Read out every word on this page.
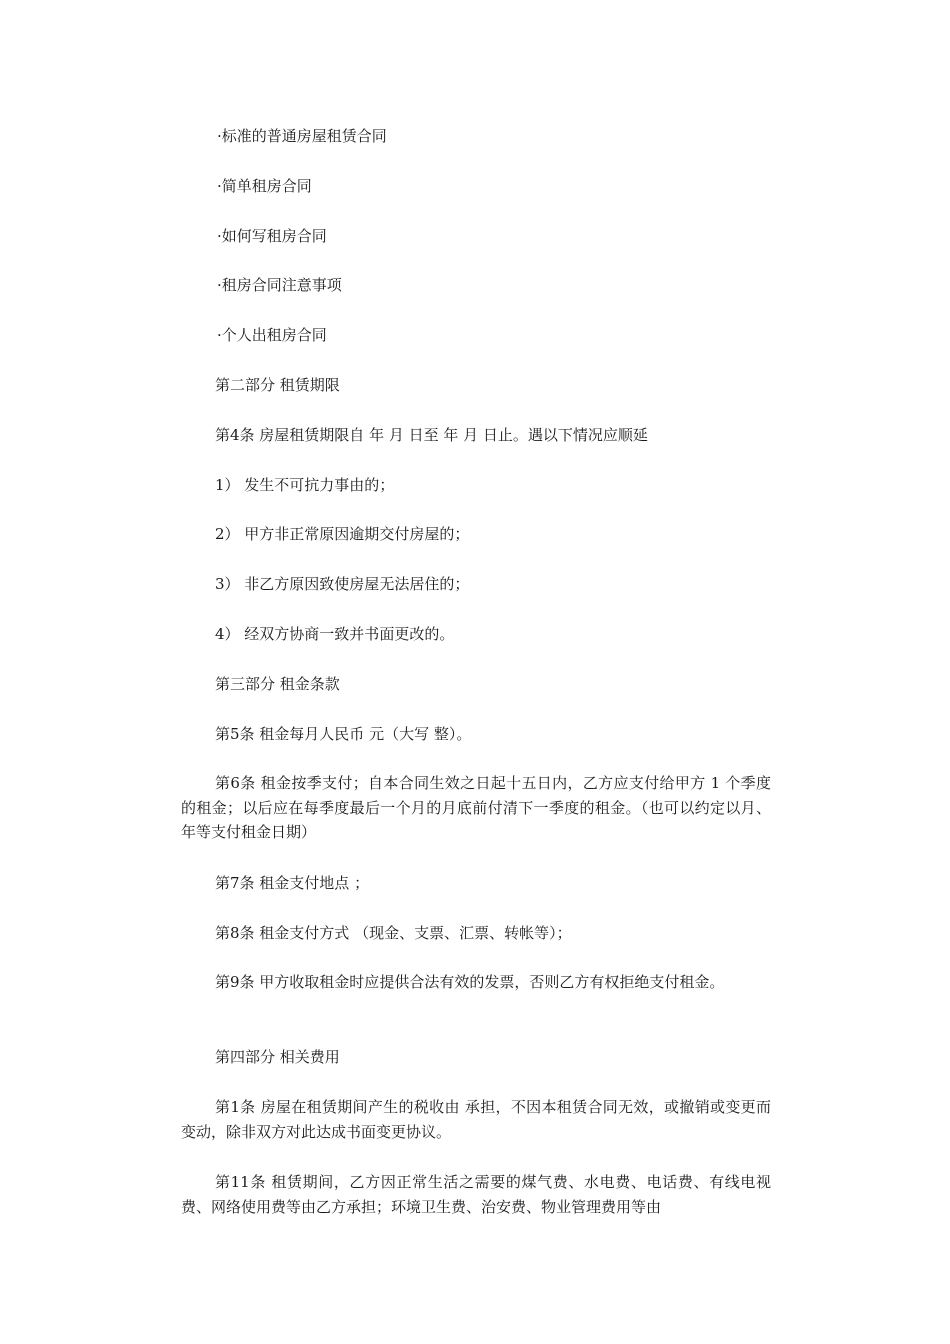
·标准的普通房屋租赁合同
·简单租房合同
·如何写租房合同
·租房合同注意事项
·个人出租房合同
第二部分 租赁期限
第4条 房屋租赁期限自 年 月 日至 年 月 日止。遇以下情况应顺延
1） 发生不可抗力事由的；
2） 甲方非正常原因逾期交付房屋的；
3） 非乙方原因致使房屋无法居住的；
4） 经双方协商一致并书面更改的。
第三部分 租金条款
第5条 租金每月人民币 元（大写 整）。
第6条 租金按季支付；自本合同生效之日起十五日内，乙方应支付给甲方 1 个季度的租金；以后应在每季度最后一个月的月底前付清下一季度的租金。（也可以约定以月、年等支付租金日期）
第7条 租金支付地点 ；
第8条 租金支付方式 （现金、支票、汇票、转帐等）；
第9条 甲方收取租金时应提供合法有效的发票，否则乙方有权拒绝支付租金。
第四部分 相关费用
第1条 房屋在租赁期间产生的税收由 承担，不因本租赁合同无效，或撤销或变更而变动，除非双方对此达成书面变更协议。
第11条 租赁期间，乙方因正常生活之需要的煤气费、水电费、电话费、有线电视费、网络使用费等由乙方承担；环境卫生费、治安费、物业管理费用等由
